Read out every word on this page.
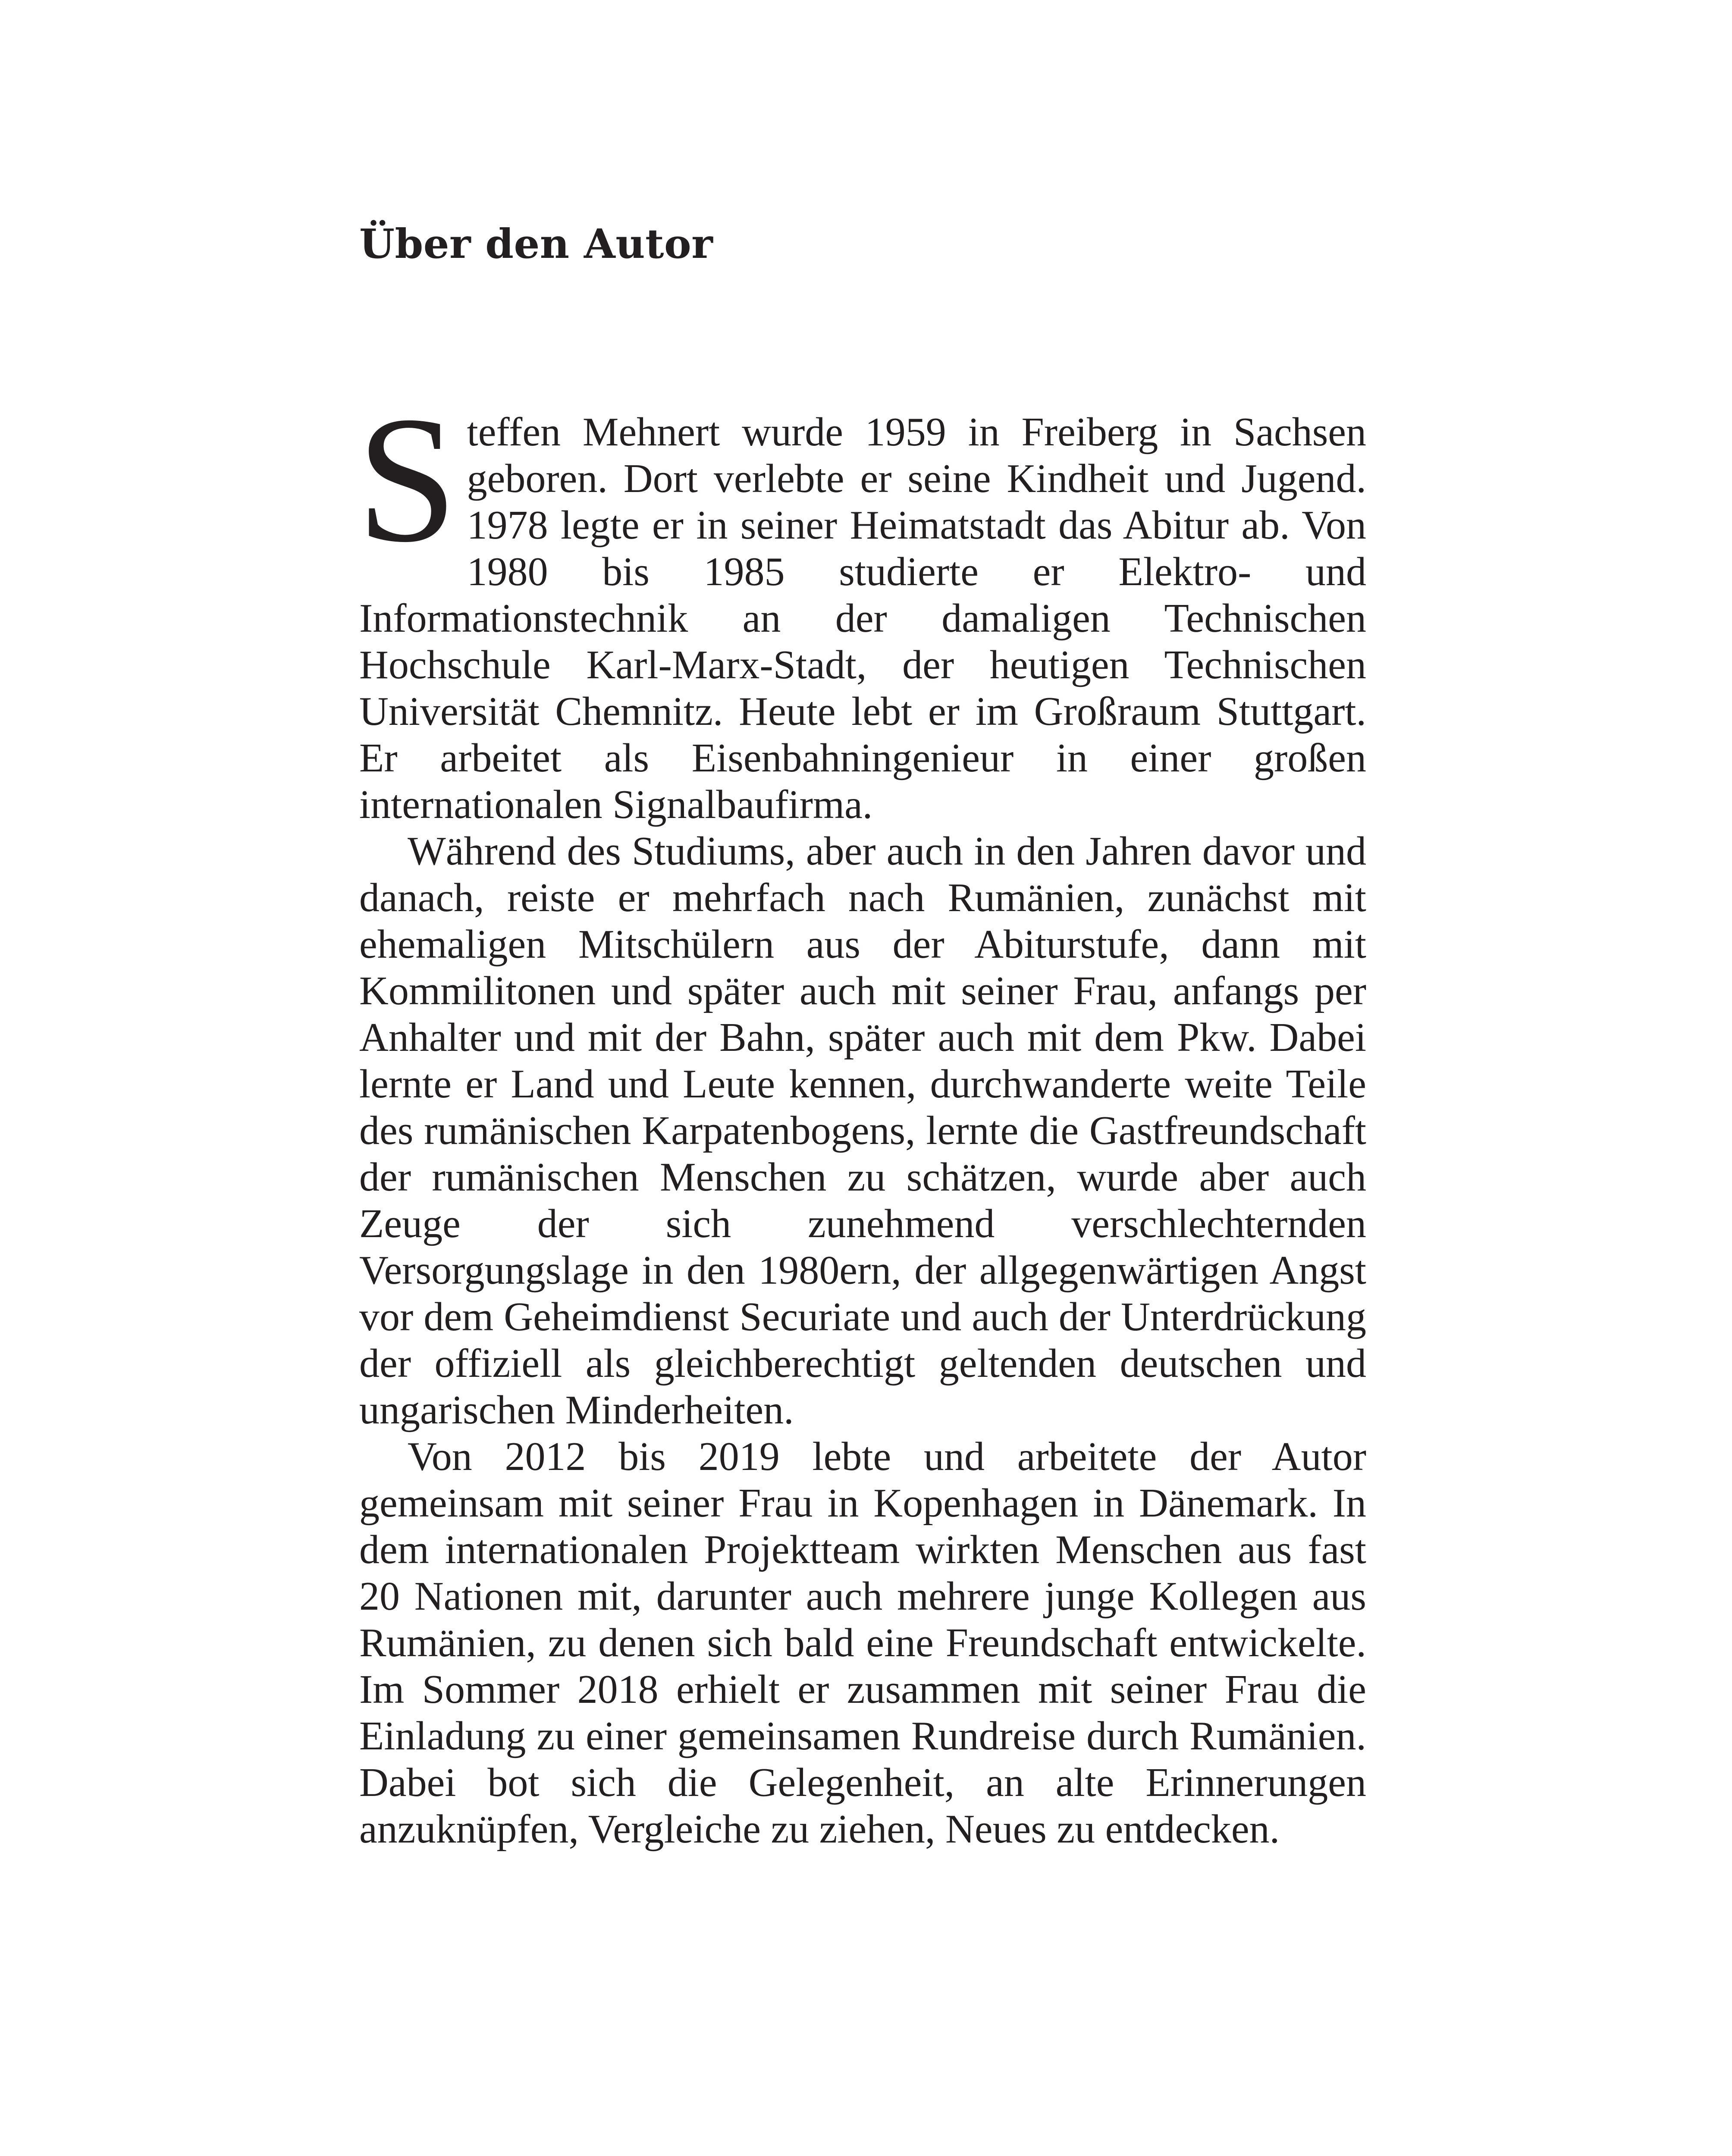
Über den Autor

Steffen Mehnert wurde 1959 in Freiberg in Sachsen geboren. Dort verlebte er seine Kindheit und Jugend. 1978 legte er in seiner Heimatstadt das Abitur ab. Von 1980 bis 1985 studierte er Elektro- und Informationstechnik an der damaligen Technischen Hochschule Karl-Marx-Stadt, der heutigen Technischen Universität Chemnitz. Heute lebt er im Großraum Stuttgart. Er arbeitet als Eisenbahningenieur in einer großen internationalen Signalbaufirma.

Während des Studiums, aber auch in den Jahren davor und danach, reiste er mehrfach nach Rumänien, zunächst mit ehemaligen Mitschülern aus der Abiturstufe, dann mit Kommilitonen und später auch mit seiner Frau, anfangs per Anhalter und mit der Bahn, später auch mit dem Pkw. Dabei lernte er Land und Leute kennen, durchwanderte weite Teile des rumänischen Karpatenbogens, lernte die Gastfreundschaft der rumänischen Menschen zu schätzen, wurde aber auch Zeuge der sich zunehmend verschlechternden Versorgungslage in den 1980ern, der allgegenwärtigen Angst vor dem Geheimdienst Securiate und auch der Unterdrückung der offiziell als gleichberechtigt geltenden deutschen und ungarischen Minderheiten.

Von 2012 bis 2019 lebte und arbeitete der Autor gemeinsam mit seiner Frau in Kopenhagen in Dänemark. In dem internationalen Projektteam wirkten Menschen aus fast 20 Nationen mit, darunter auch mehrere junge Kollegen aus Rumänien, zu denen sich bald eine Freundschaft entwickelte. Im Sommer 2018 erhielt er zusammen mit seiner Frau die Einladung zu einer gemeinsamen Rundreise durch Rumänien. Dabei bot sich die Gelegenheit, an alte Erinnerungen anzuknüpfen, Vergleiche zu ziehen, Neues zu entdecken.
